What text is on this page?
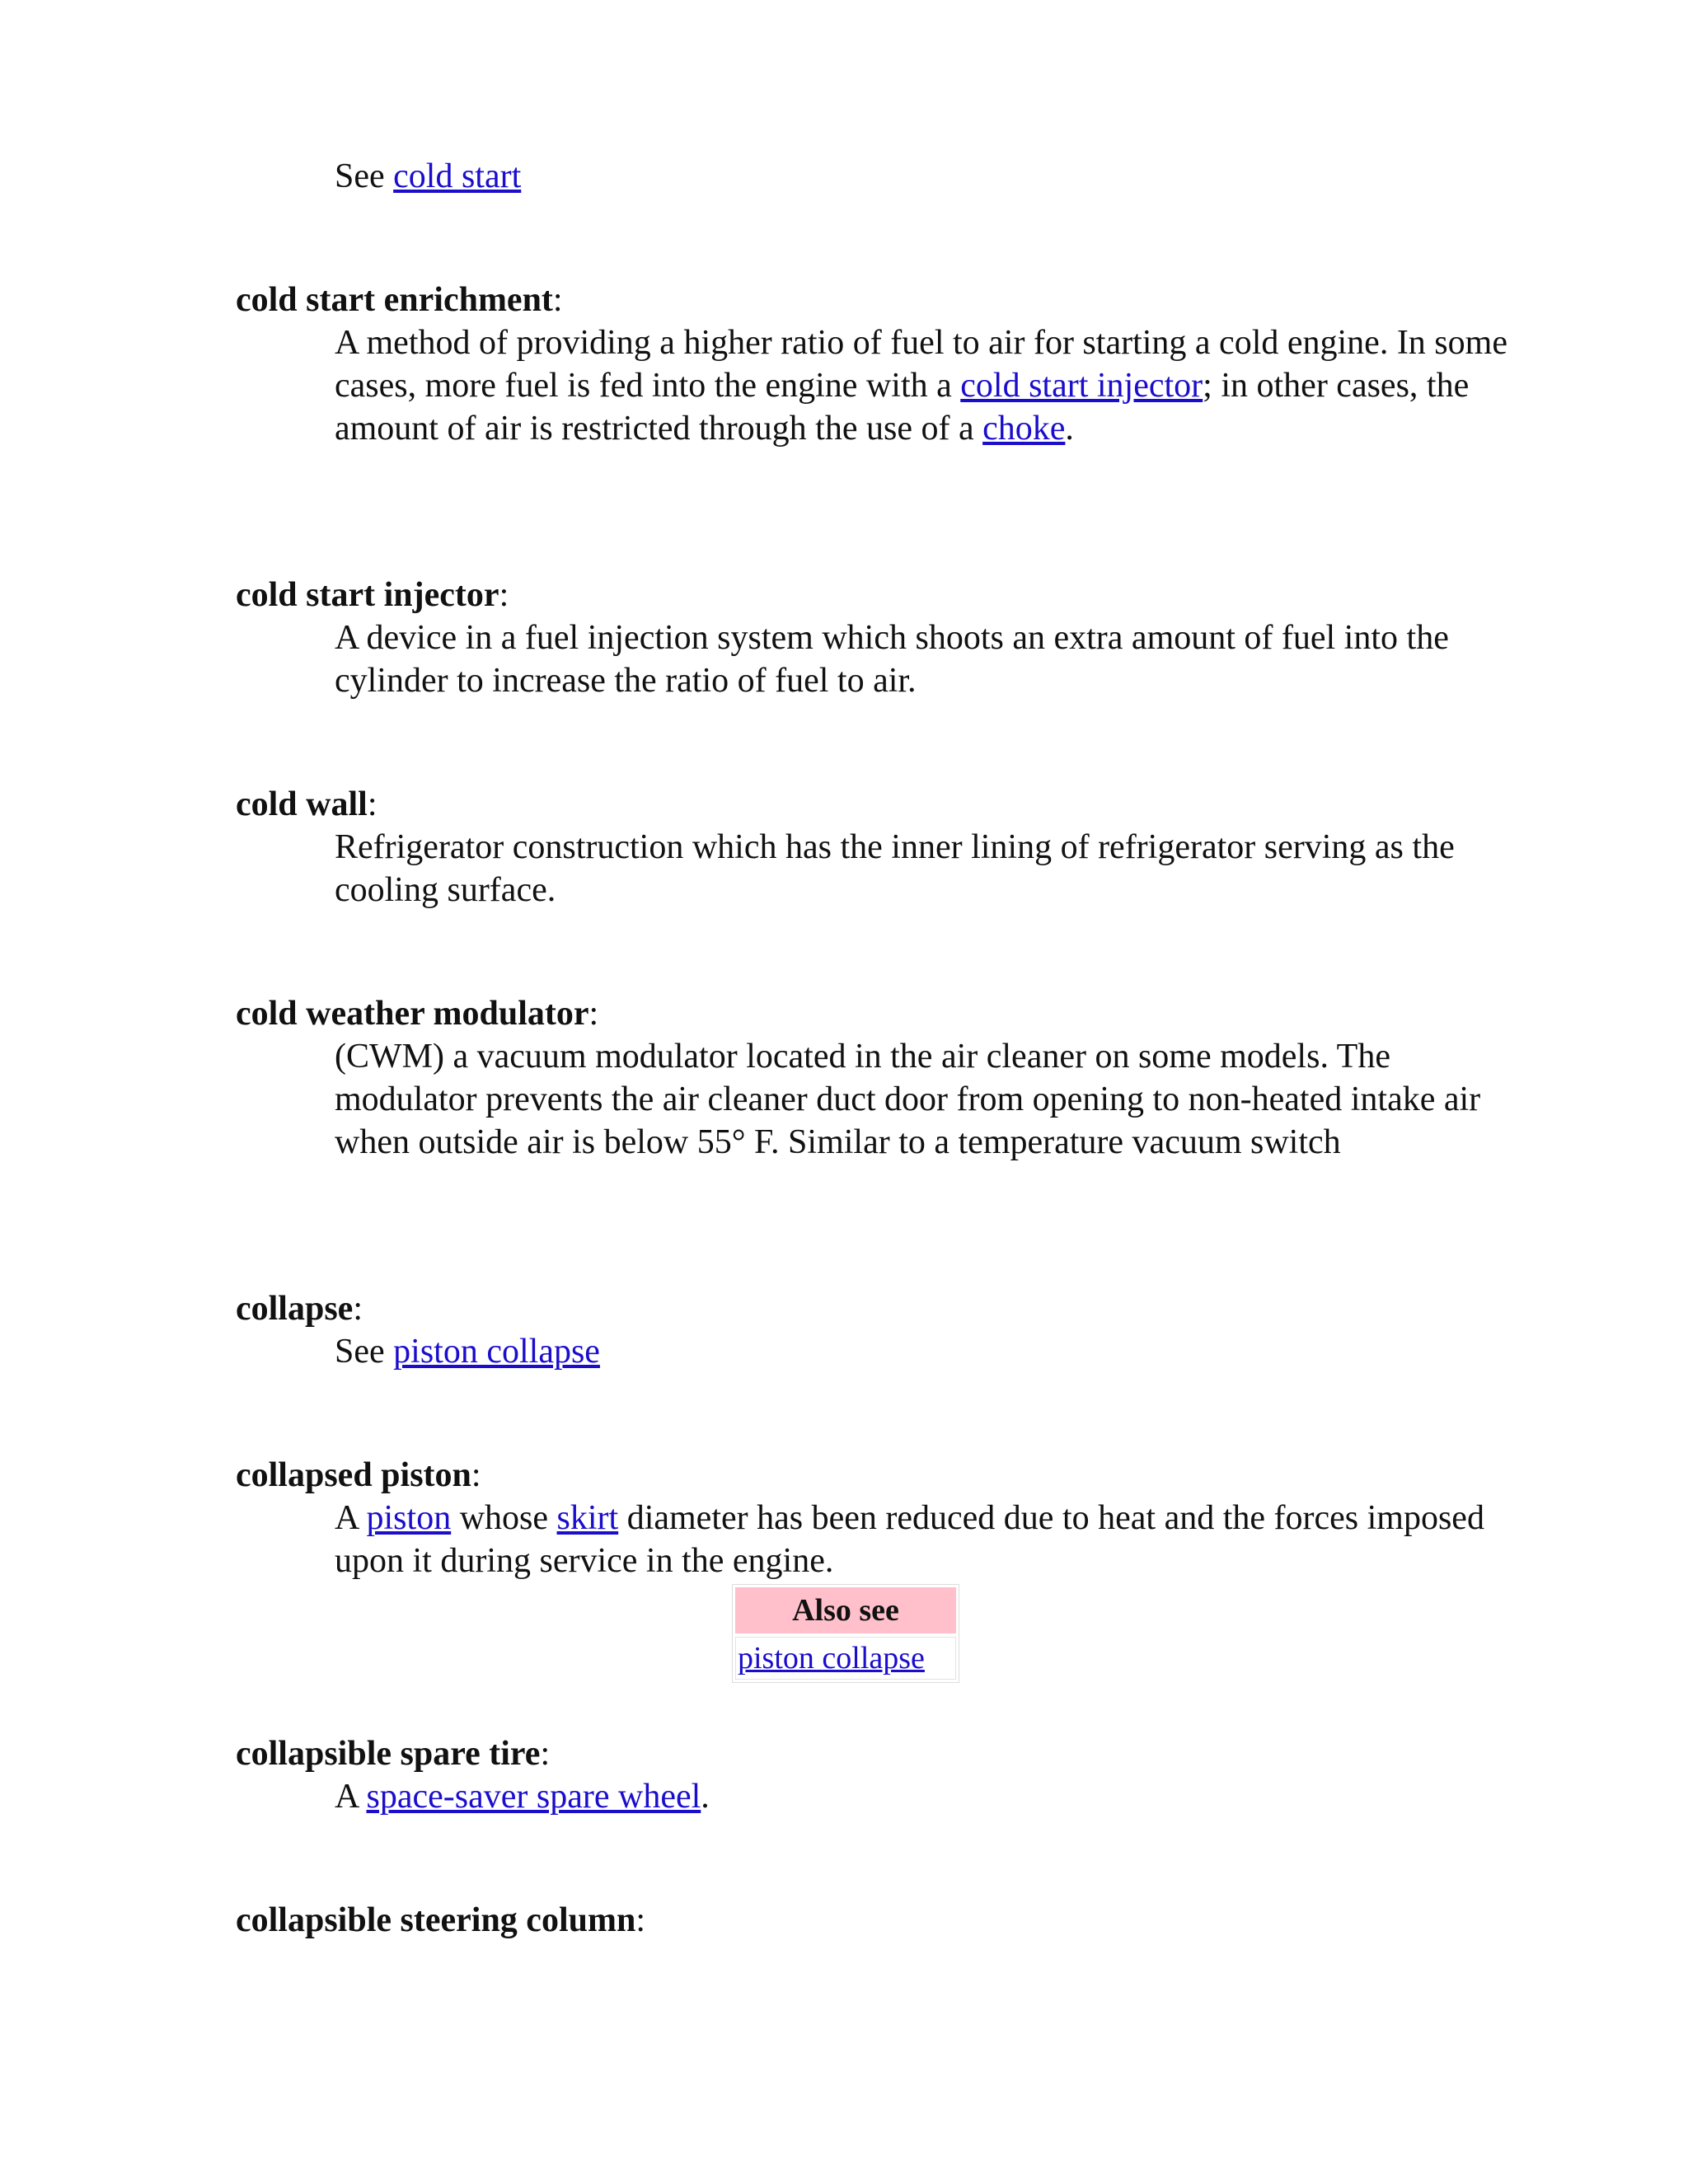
See cold start

cold start enrichment:

A method of providing a higher ratio of fuel to air for starting a cold engine. In some cases, more fuel is fed into the engine with a cold start injector; in other cases, the amount of air is restricted through the use of a choke.

cold start injector:

A device in a fuel injection system which shoots an extra amount of fuel into the cylinder to increase the ratio of fuel to air.

cold wall:

Refrigerator construction which has the inner lining of refrigerator serving as the cooling surface.

cold weather modulator:

(CWM) a vacuum modulator located in the air cleaner on some models. The modulator prevents the air cleaner duct door from opening to non-heated intake air when outside air is below 55° F. Similar to a temperature vacuum switch

collapse:

See piston collapse

collapsed piston:

A piston whose skirt diameter has been reduced due to heat and the forces imposed upon it during service in the engine.

collapsible spare tire:

A space-saver spare wheel.

collapsible steering column:

Also see
piston collapse
